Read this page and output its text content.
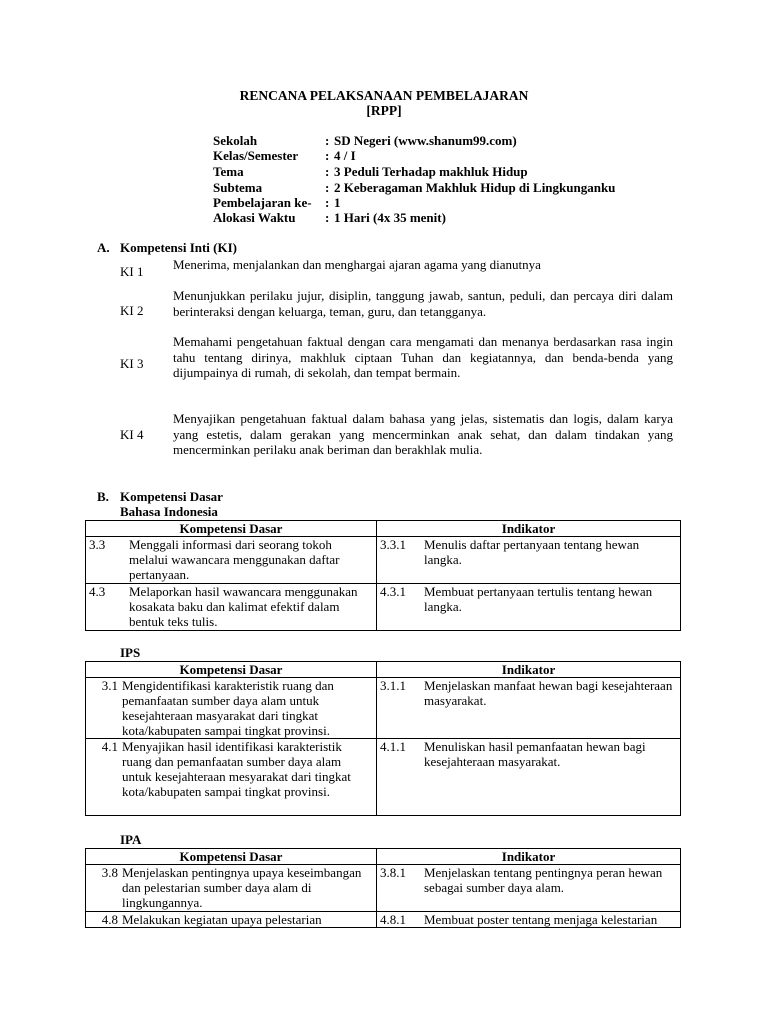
RENCANA PELAKSANAAN PEMBELAJARAN
[RPP]
Sekolah	: SD Negeri (www.shanum99.com)
Kelas/Semester : 4 / I
Tema	: 3 Peduli Terhadap makhluk Hidup
Subtema	: 2 Keberagaman Makhluk Hidup di Lingkunganku
Pembelajaran ke- : 1
Alokasi Waktu : 1 Hari (4x 35 menit)
A. Kompetensi Inti (KI)
KI 1 Menerima, menjalankan dan menghargai ajaran agama yang dianutnya
KI 2
Menunjukkan perilaku jujur, disiplin, tanggung jawab, santun, peduli, dan percaya diri dalam berinteraksi dengan keluarga, teman, guru, dan tetangganya.
KI 3
Memahami pengetahuan faktual dengan cara mengamati dan menanya berdasarkan rasa ingin tahu tentang dirinya, makhluk ciptaan Tuhan dan kegiatannya, dan benda-benda yang dijumpainya di rumah, di sekolah, dan tempat bermain.
KI 4
Menyajikan pengetahuan faktual dalam bahasa yang jelas, sistematis dan logis, dalam karya yang estetis, dalam gerakan yang mencerminkan anak sehat, dan dalam tindakan yang mencerminkan perilaku anak beriman dan berakhlak mulia.
B. Kompetensi Dasar
Bahasa Indonesia
Kompetensi Dasar	Indikator

3.3 Menggali informasi dari seorang tokoh melalui wawancara menggunakan daftar pertanyaan.	3.3.1 Menulis daftar pertanyaan tentang hewan langka.

4.3 Melaporkan hasil wawancara menggunakan kosakata baku dan kalimat efektif dalam bentuk teks tulis.	4.3.1 Membuat pertanyaan tertulis tentang hewan langka.
IPS
Kompetensi Dasar	Indikator

3.1 Mengidentifikasi karakteristik ruang dan pemanfaatan sumber daya alam untuk kesejahteraan masyarakat dari tingkat kota/kabupaten sampai tingkat provinsi.	3.1.1 Menjelaskan manfaat hewan bagi kesejahteraan masyarakat.

4.1 Menyajikan hasil identifikasi karakteristik ruang dan pemanfaatan sumber daya alam untuk kesejahteraan mesyarakat dari tingkat kota/kabupaten sampai tingkat provinsi.	4.1.1 Menuliskan hasil pemanfaatan hewan bagi kesejahteraan masyarakat.
IPA
Kompetensi Dasar	Indikator

3.8 Menjelaskan pentingnya upaya keseimbangan dan pelestarian sumber daya alam di lingkungannya.	3.8.1 Menjelaskan tentang pentingnya peran hewan sebagai sumber daya alam.

4.8 Melakukan kegiatan upaya pelestarian	4.8.1 Membuat poster tentang menjaga kelestarian
